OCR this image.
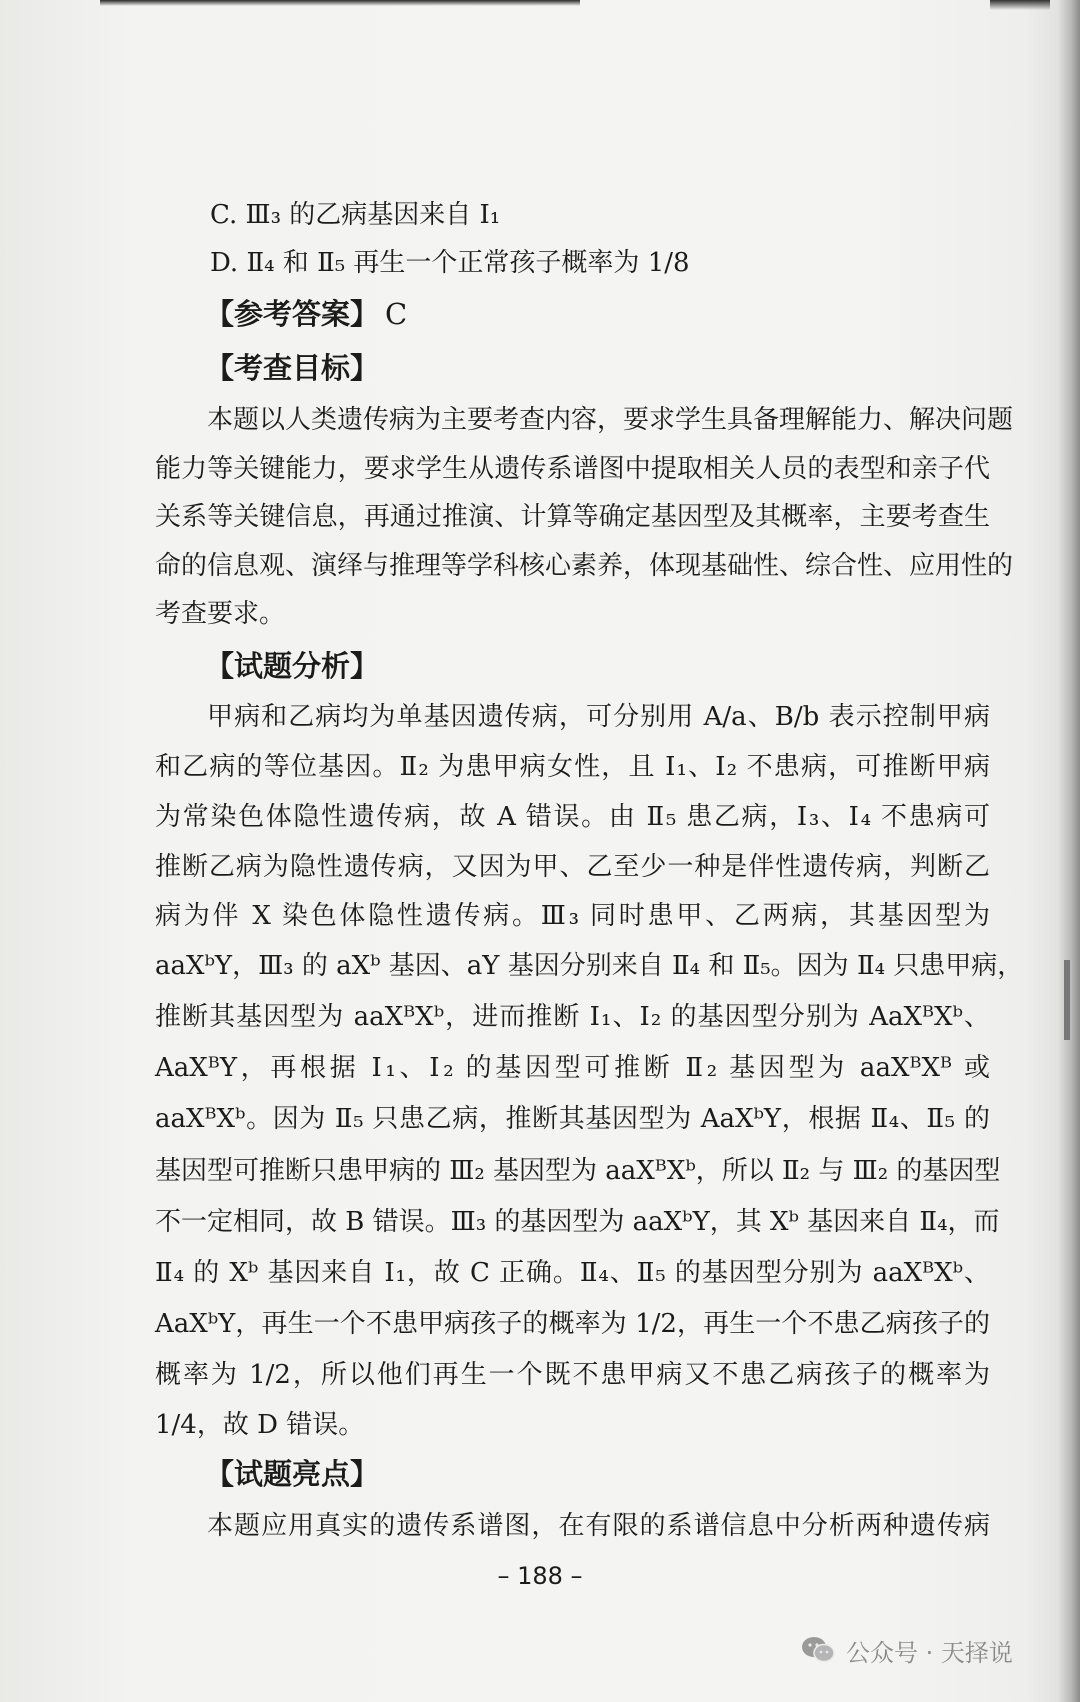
C. Ⅲ₃ 的乙病基因来自 Ⅰ₁
D. Ⅱ₄ 和 Ⅱ₅ 再生一个正常孩子概率为 1/8
【参考答案】 C
【考查目标】
本题以人类遗传病为主要考查内容，要求学生具备理解能力、解决问题
能力等关键能力，要求学生从遗传系谱图中提取相关人员的表型和亲子代
关系等关键信息，再通过推演、计算等确定基因型及其概率，主要考查生
命的信息观、演绎与推理等学科核心素养，体现基础性、综合性、应用性的
考查要求。
【试题分析】
甲病和乙病均为单基因遗传病，可分别用 A/a、B/b 表示控制甲病
和乙病的等位基因。Ⅱ₂ 为患甲病女性，且 Ⅰ₁、Ⅰ₂ 不患病，可推断甲病
为常染色体隐性遗传病，故 A 错误。由 Ⅱ₅ 患乙病，Ⅰ₃、Ⅰ₄ 不患病可
推断乙病为隐性遗传病，又因为甲、乙至少一种是伴性遗传病，判断乙
病为伴 X 染色体隐性遗传病。Ⅲ₃ 同时患甲、乙两病，其基因型为
aaXᵇY，Ⅲ₃ 的 aXᵇ 基因、aY 基因分别来自 Ⅱ₄ 和 Ⅱ₅。因为 Ⅱ₄ 只患甲病，
推断其基因型为 aaXᴮXᵇ，进而推断 Ⅰ₁、Ⅰ₂ 的基因型分别为 AaXᴮXᵇ、
AaXᴮY，再根据 Ⅰ₁、Ⅰ₂ 的基因型可推断 Ⅱ₂ 基因型为 aaXᴮXᴮ 或
aaXᴮXᵇ。因为 Ⅱ₅ 只患乙病，推断其基因型为 AaXᵇY，根据 Ⅱ₄、Ⅱ₅ 的
基因型可推断只患甲病的 Ⅲ₂ 基因型为 aaXᴮXᵇ，所以 Ⅱ₂ 与 Ⅲ₂ 的基因型
不一定相同，故 B 错误。Ⅲ₃ 的基因型为 aaXᵇY，其 Xᵇ 基因来自 Ⅱ₄，而
Ⅱ₄ 的 Xᵇ 基因来自 Ⅰ₁，故 C 正确。Ⅱ₄、Ⅱ₅ 的基因型分别为 aaXᴮXᵇ、
AaXᵇY，再生一个不患甲病孩子的概率为 1/2，再生一个不患乙病孩子的
概率为 1/2，所以他们再生一个既不患甲病又不患乙病孩子的概率为
1/4，故 D 错误。
【试题亮点】
本题应用真实的遗传系谱图，在有限的系谱信息中分析两种遗传病
– 188 –
公众号 · 天择说
